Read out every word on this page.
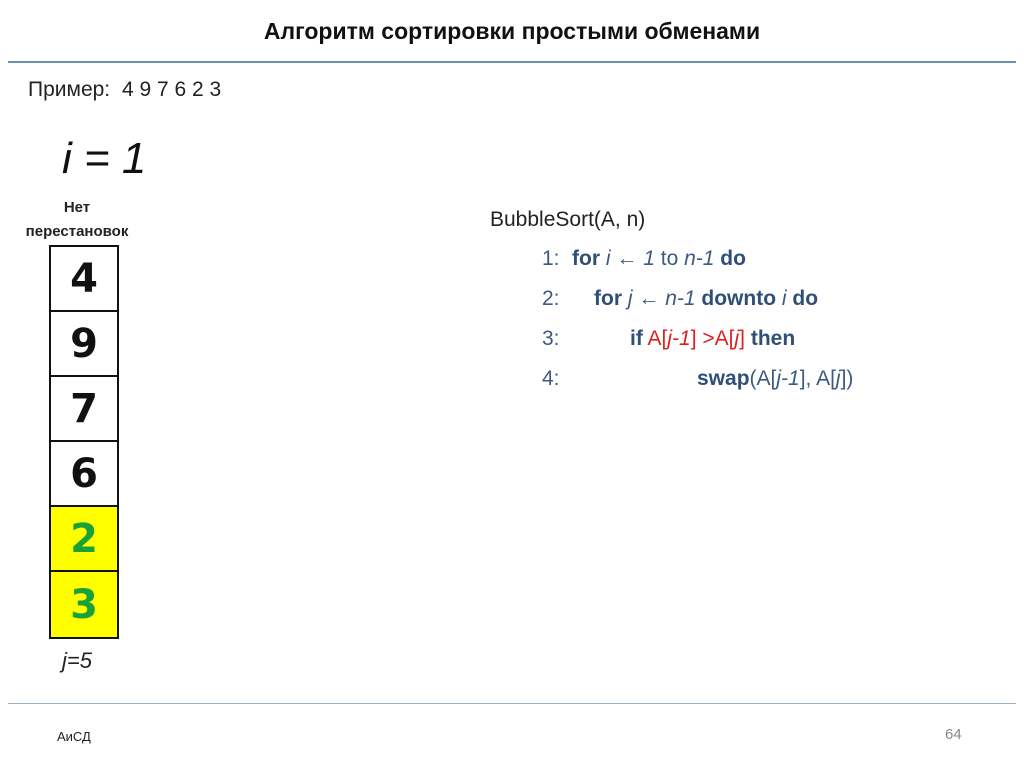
Алгоритм сортировки простыми обменами
Пример: 4 9 7 6 2 3
i = 1
Нет
перестановок
4
9
7
6
2
3
j=5
BubbleSort(A, n)
1: for i ← 1 to n-1 do
2: for j ← n-1 downto i do
3:	if A[j-1] >A[j] then
4:	swap(A[j-1], A[j])
АиСД	64
